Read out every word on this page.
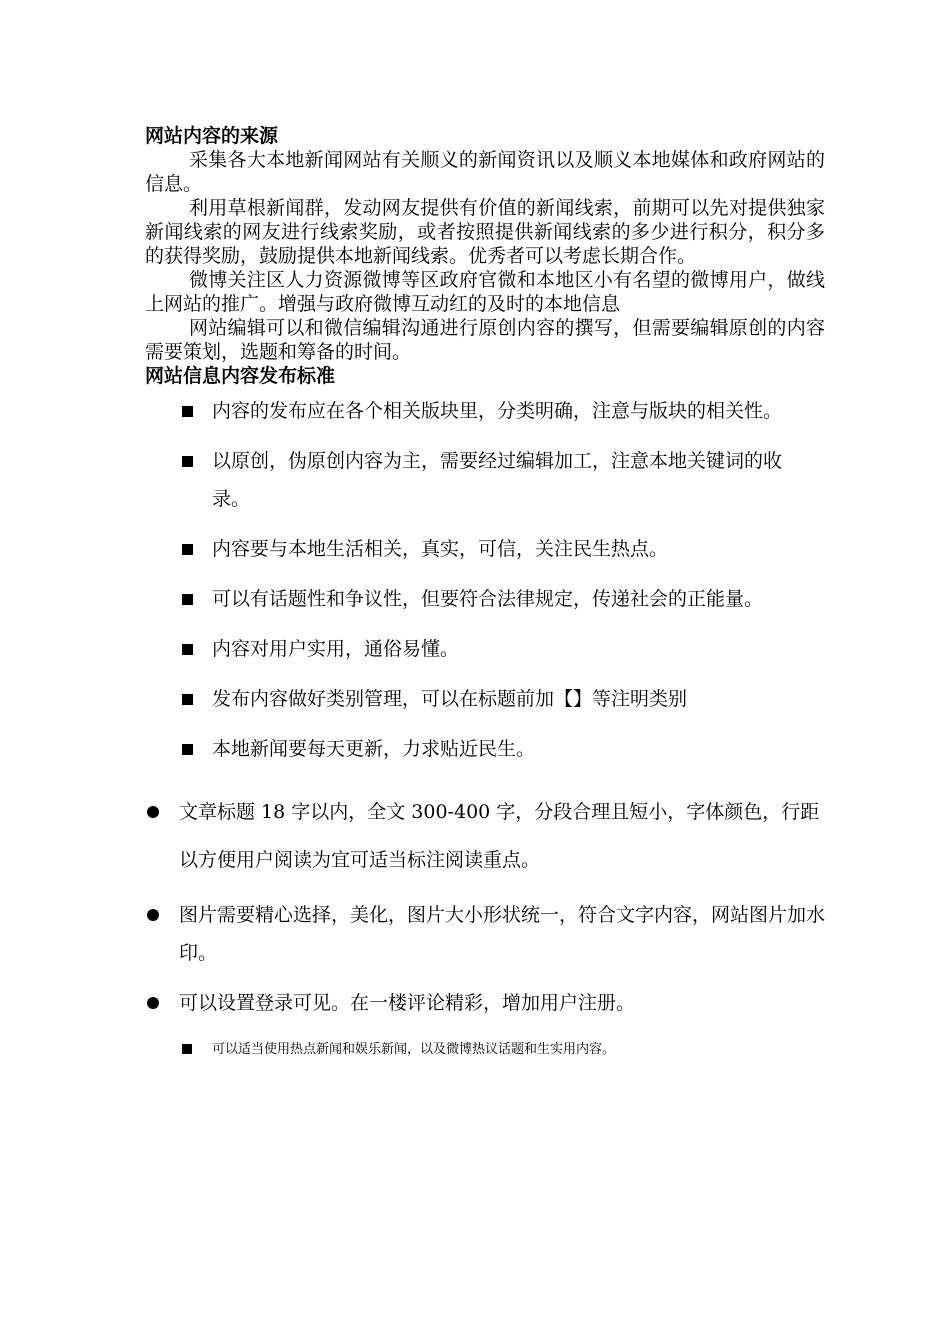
网站内容的来源

采集各大本地新闻网站有关顺义的新闻资讯以及顺义本地媒体和政府网站的信息。

利用草根新闻群，发动网友提供有价值的新闻线索，前期可以先对提供独家新闻线索的网友进行线索奖励，或者按照提供新闻线索的多少进行积分，积分多的获得奖励，鼓励提供本地新闻线索。优秀者可以考虑长期合作。

微博关注区人力资源微博等区政府官微和本地区小有名望的微博用户，做线上网站的推广。增强与政府微博互动红的及时的本地信息

网站编辑可以和微信编辑沟通进行原创内容的撰写，但需要编辑原创的内容需要策划，选题和筹备的时间。

网站信息内容发布标准

内容的发布应在各个相关版块里，分类明确，注意与版块的相关性。
以原创，伪原创内容为主，需要经过编辑加工，注意本地关键词的收录。
内容要与本地生活相关，真实，可信，关注民生热点。
可以有话题性和争议性，但要符合法律规定，传递社会的正能量。
内容对用户实用，通俗易懂。
发布内容做好类别管理，可以在标题前加【】等注明类别
本地新闻要每天更新，力求贴近民生。
文章标题 18 字以内，全文 300-400 字，分段合理且短小，字体颜色，行距以方便用户阅读为宜可适当标注阅读重点。
图片需要精心选择，美化，图片大小形状统一，符合文字内容，网站图片加水印。
可以设置登录可见。在一楼评论精彩，增加用户注册。
可以适当使用热点新闻和娱乐新闻，以及微博热议话题和生实用内容。
